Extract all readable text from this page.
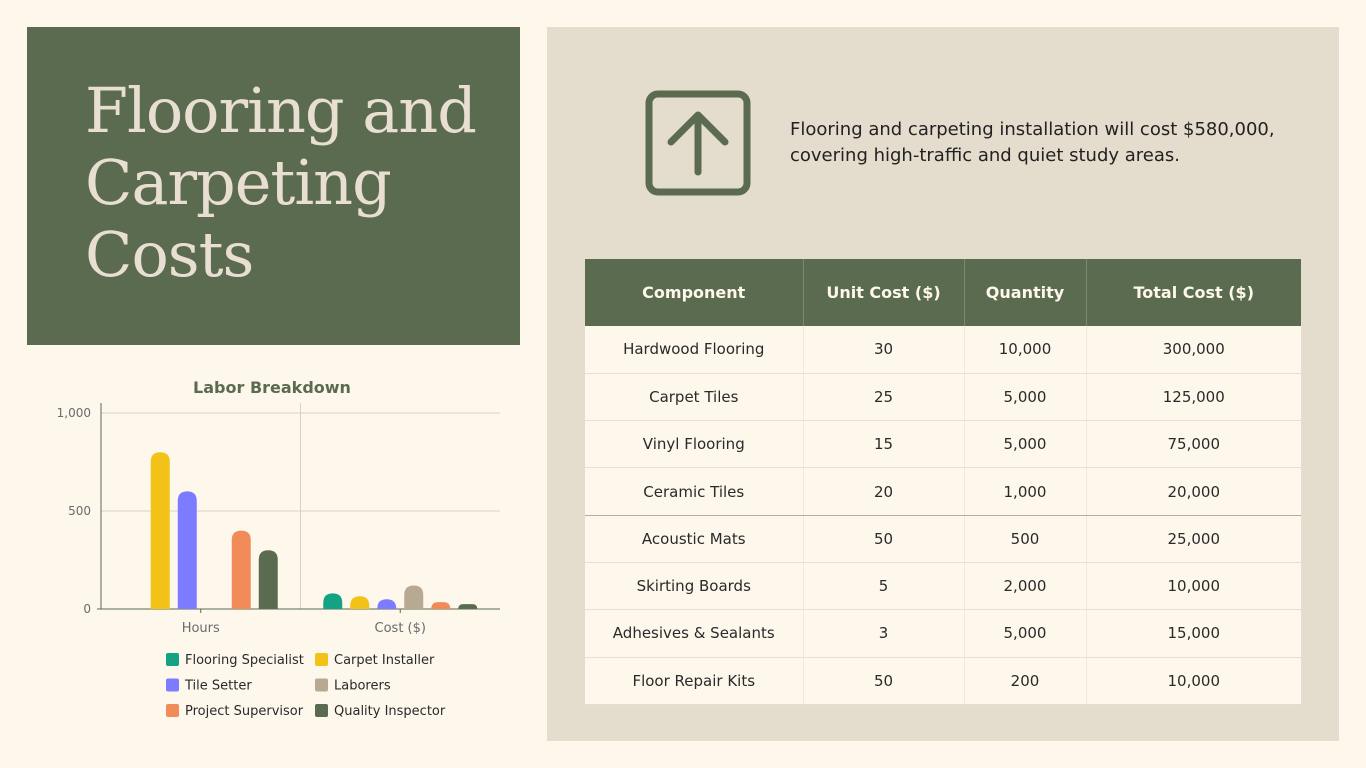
Flooring and Carpeting Costs
Labor Breakdown
0
500
1,000
Hours	Cost ($)
Flooring Specialist Carpet Installer
Tile Setter	Laborers
Project Supervisor Quality Inspector
Flooring and carpeting installation will cost $580,000, covering high-traffic and quiet study areas.
Component	Unit Cost ($)	Quantity	Total Cost ($)
Hardwood Flooring	30	10,000	300,000
Carpet Tiles	25	5,000	125,000
Vinyl Flooring	15	5,000	75,000
Ceramic Tiles	20	1,000	20,000
Acoustic Mats	50	500	25,000
Skirting Boards	5	2,000	10,000
Adhesives & Sealants	3	5,000	15,000
Floor Repair Kits	50	200	10,000
